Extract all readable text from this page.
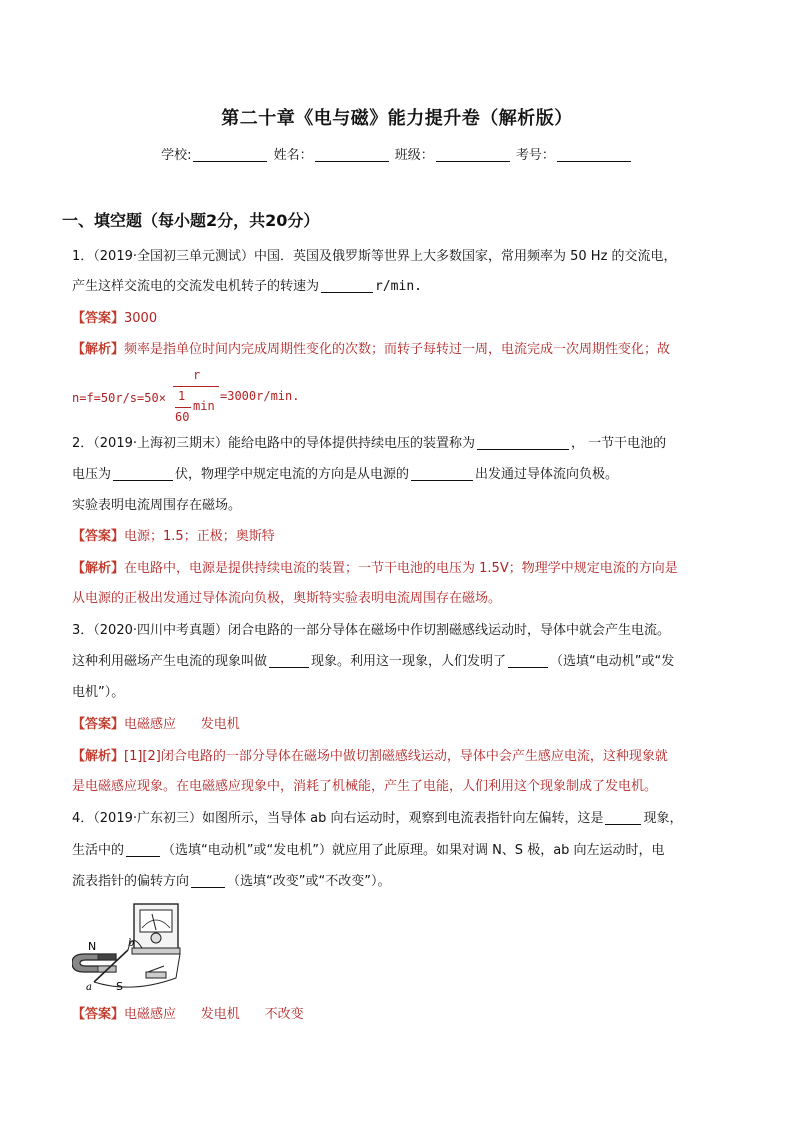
第二十章《电与磁》能力提升卷（解析版）
学校:	姓名：	班级：	考号：
一、填空题（每小题2分，共20分）
1．（2019·全国初三单元测试）中国．英国及俄罗斯等世界上大多数国家，常用频率为 50 Hz 的交流电，
产生这样交流电的交流发电机转子的转速为	r/min.
【答案】3000
【解析】频率是指单位时间内完成周期性变化的次数；而转子每转过一周，电流完成一次周期性变化；故
n=f=50r/s=50×
r
1
60
min
=3000r/min.
2．（2019·上海初三期末）能给电路中的导体提供持续电压的装置称为	， 一节干电池的
电压为	伏，物理学中规定电流的方向是从电源的	出发通过导体流向负极。
实验表明电流周围存在磁场。
【答案】电源；1.5；正极；奥斯特
【解析】在电路中，电源是提供持续电流的装置；一节干电池的电压为 1.5V；物理学中规定电流的方向是
从电源的正极出发通过导体流向负极，奥斯特实验表明电流周围存在磁场。
3．（2020·四川中考真题）闭合电路的一部分导体在磁场中作切割磁感线运动时，导体中就会产生电流。
这种利用磁场产生电流的现象叫做	现象。利用这一现象，人们发明了	（选填“电动机”或“发
电机”）。
【答案】电磁感应      发电机
【解析】[1][2]闭合电路的一部分导体在磁场中做切割磁感线运动，导体中会产生感应电流，这种现象就
是电磁感应现象。在电磁感应现象中，消耗了机械能，产生了电能，人们利用这个现象制成了发电机。
4．（2019·广东初三）如图所示，当导体 ab 向右运动时，观察到电流表指针向左偏转，这是	现象，
生活中的	（选填“电动机”或“发电机”）就应用了此原理。如果对调 N、S 极，ab 向左运动时，电
流表指针的偏转方向	（选填“改变”或“不改变”）。
N
S
a
b
【答案】电磁感应      发电机      不改变
